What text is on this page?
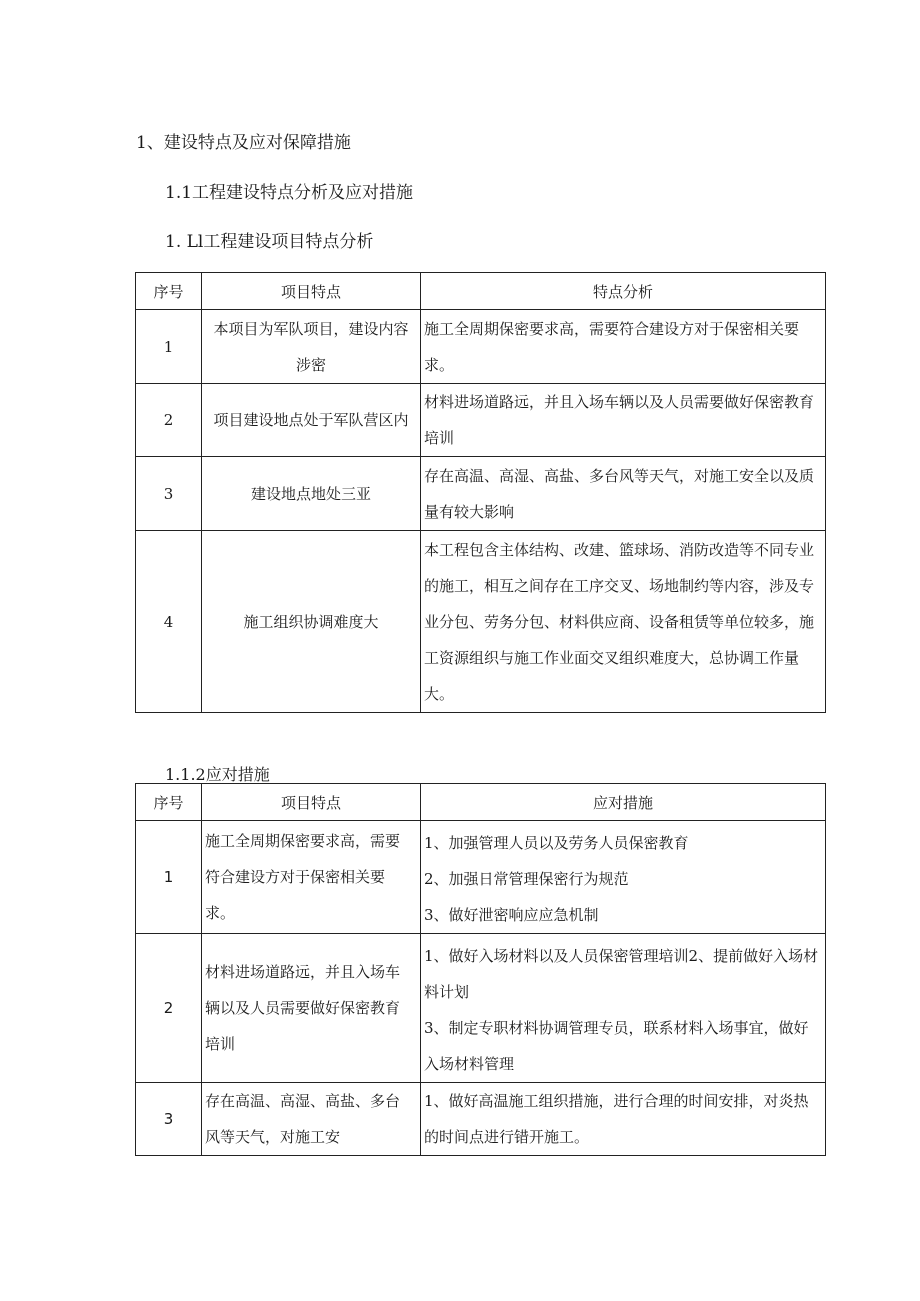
1、建设特点及应对保障措施
1.1工程建设特点分析及应对措施
1. Ll工程建设项目特点分析
序号	项目特点	特点分析
1	本项目为军队项目，建设内容涉密	施工全周期保密要求高，需要符合建设方对于保密相关要求。
2	项目建设地点处于军队营区内	材料进场道路远，并且入场车辆以及人员需要做好保密教育培训
3	建设地点地处三亚	存在高温、高湿、高盐、多台风等天气，对施工安全以及质量有较大影响
4	施工组织协调难度大	本工程包含主体结构、改建、篮球场、消防改造等不同专业的施工，相互之间存在工序交叉、场地制约等内容，涉及专业分包、劳务分包、材料供应商、设备租赁等单位较多，施工资源组织与施工作业面交叉组织难度大，总协调工作量大。
1.1.2应对措施
序号	项目特点	应对措施
1	施工全周期保密要求高，需要符合建设方对于保密相关要求。	1、加强管理人员以及劳务人员保密教育
2、加强日常管理保密行为规范
3、做好泄密响应应急机制

2	材料进场道路远，并且入场车辆以及人员需要做好保密教育培训	1、做好入场材料以及人员保密管理培训2、提前做好入场材料计划
3、制定专职材料协调管理专员，联系材料入场事宜，做好入场材料管理

3	存在高温、高湿、高盐、多台风等天气，对施工安	1、做好高温施工组织措施，进行合理的时间安排，对炎热的时间点进行错开施工。
